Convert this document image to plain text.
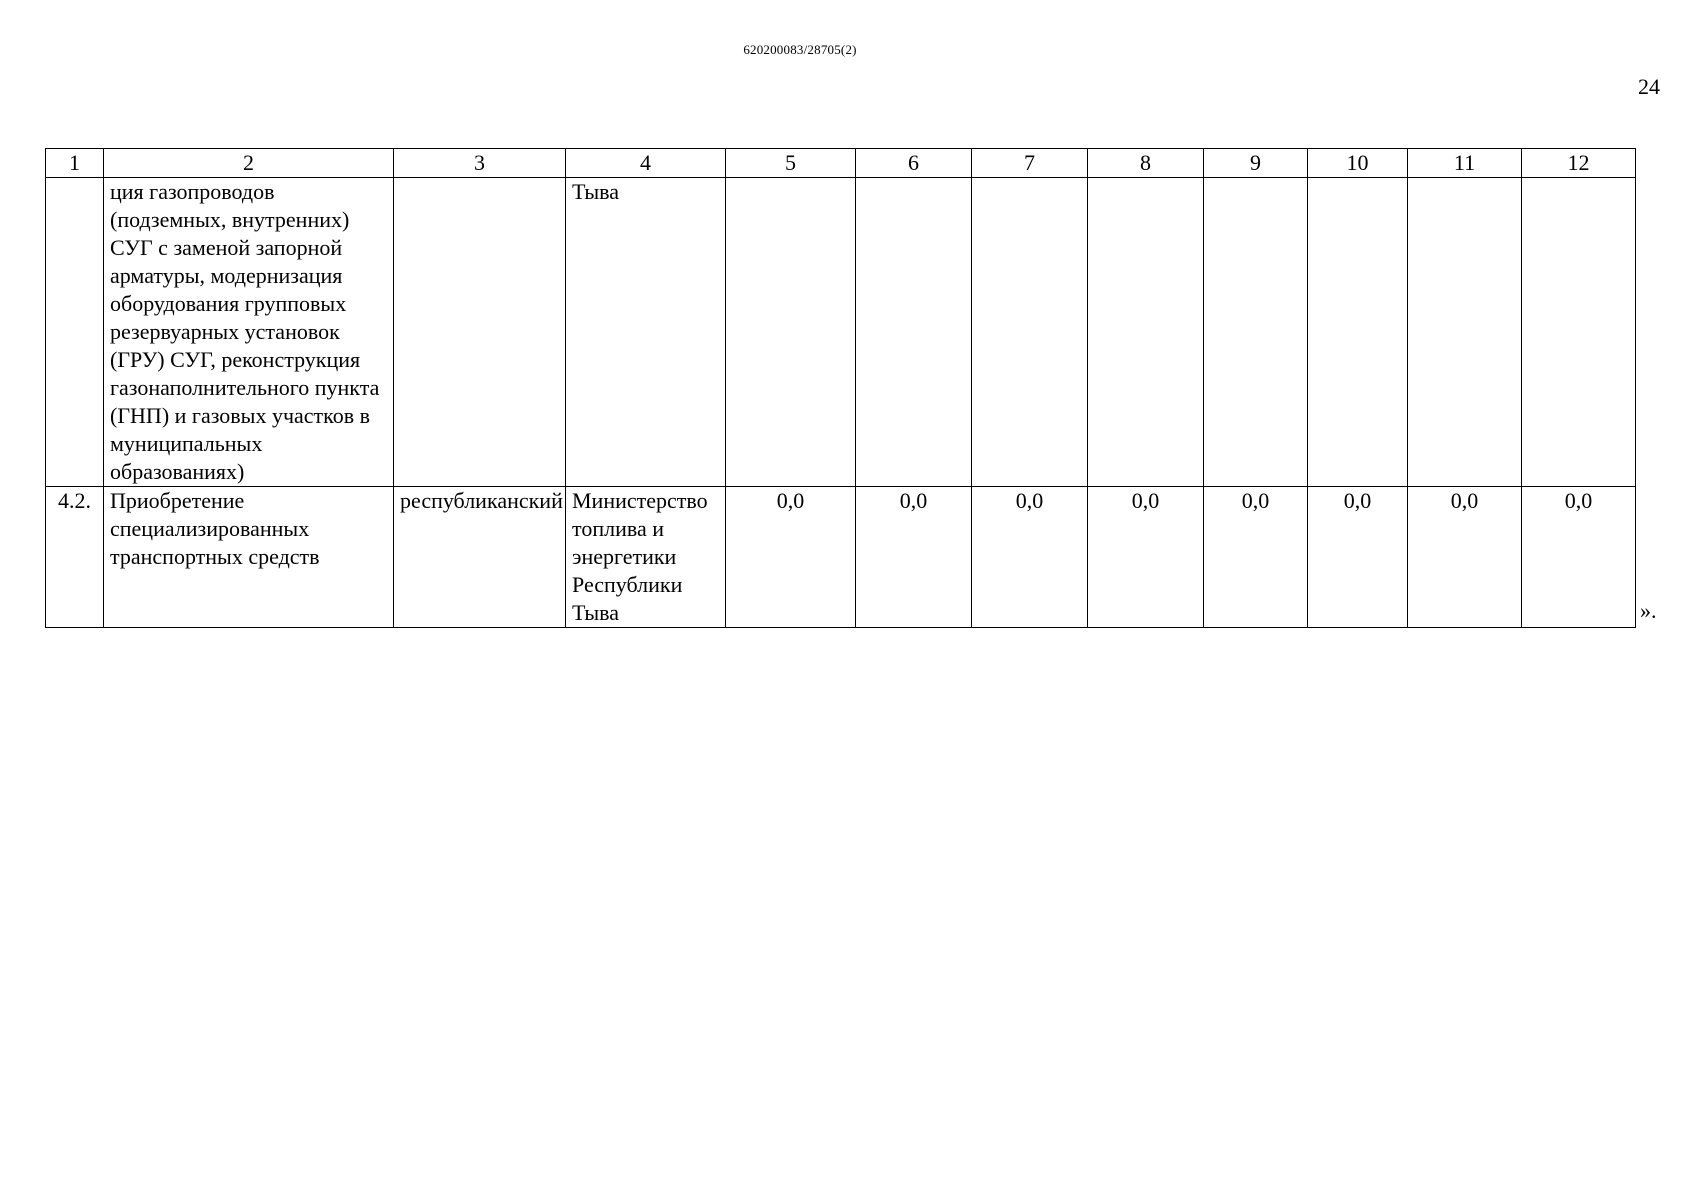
620200083/28705(2)
24
1	2	3	4	5	6	7	8	9	10	11	12
	ция газопроводов (подземных, внутренних) СУГ с заменой запорной арматуры, модернизация оборудования групповых резервуарных установок (ГРУ) СУГ, реконструкция газонаполнительного пункта (ГНП) и газовых участков в муниципальных образованиях)		Тыва								
4.2.	Приобретение специализированных транспортных средств	республиканский	Министерство топлива и энергетики Республики Тыва	0,0	0,0	0,0	0,0	0,0	0,0	0,0	0,0
».
